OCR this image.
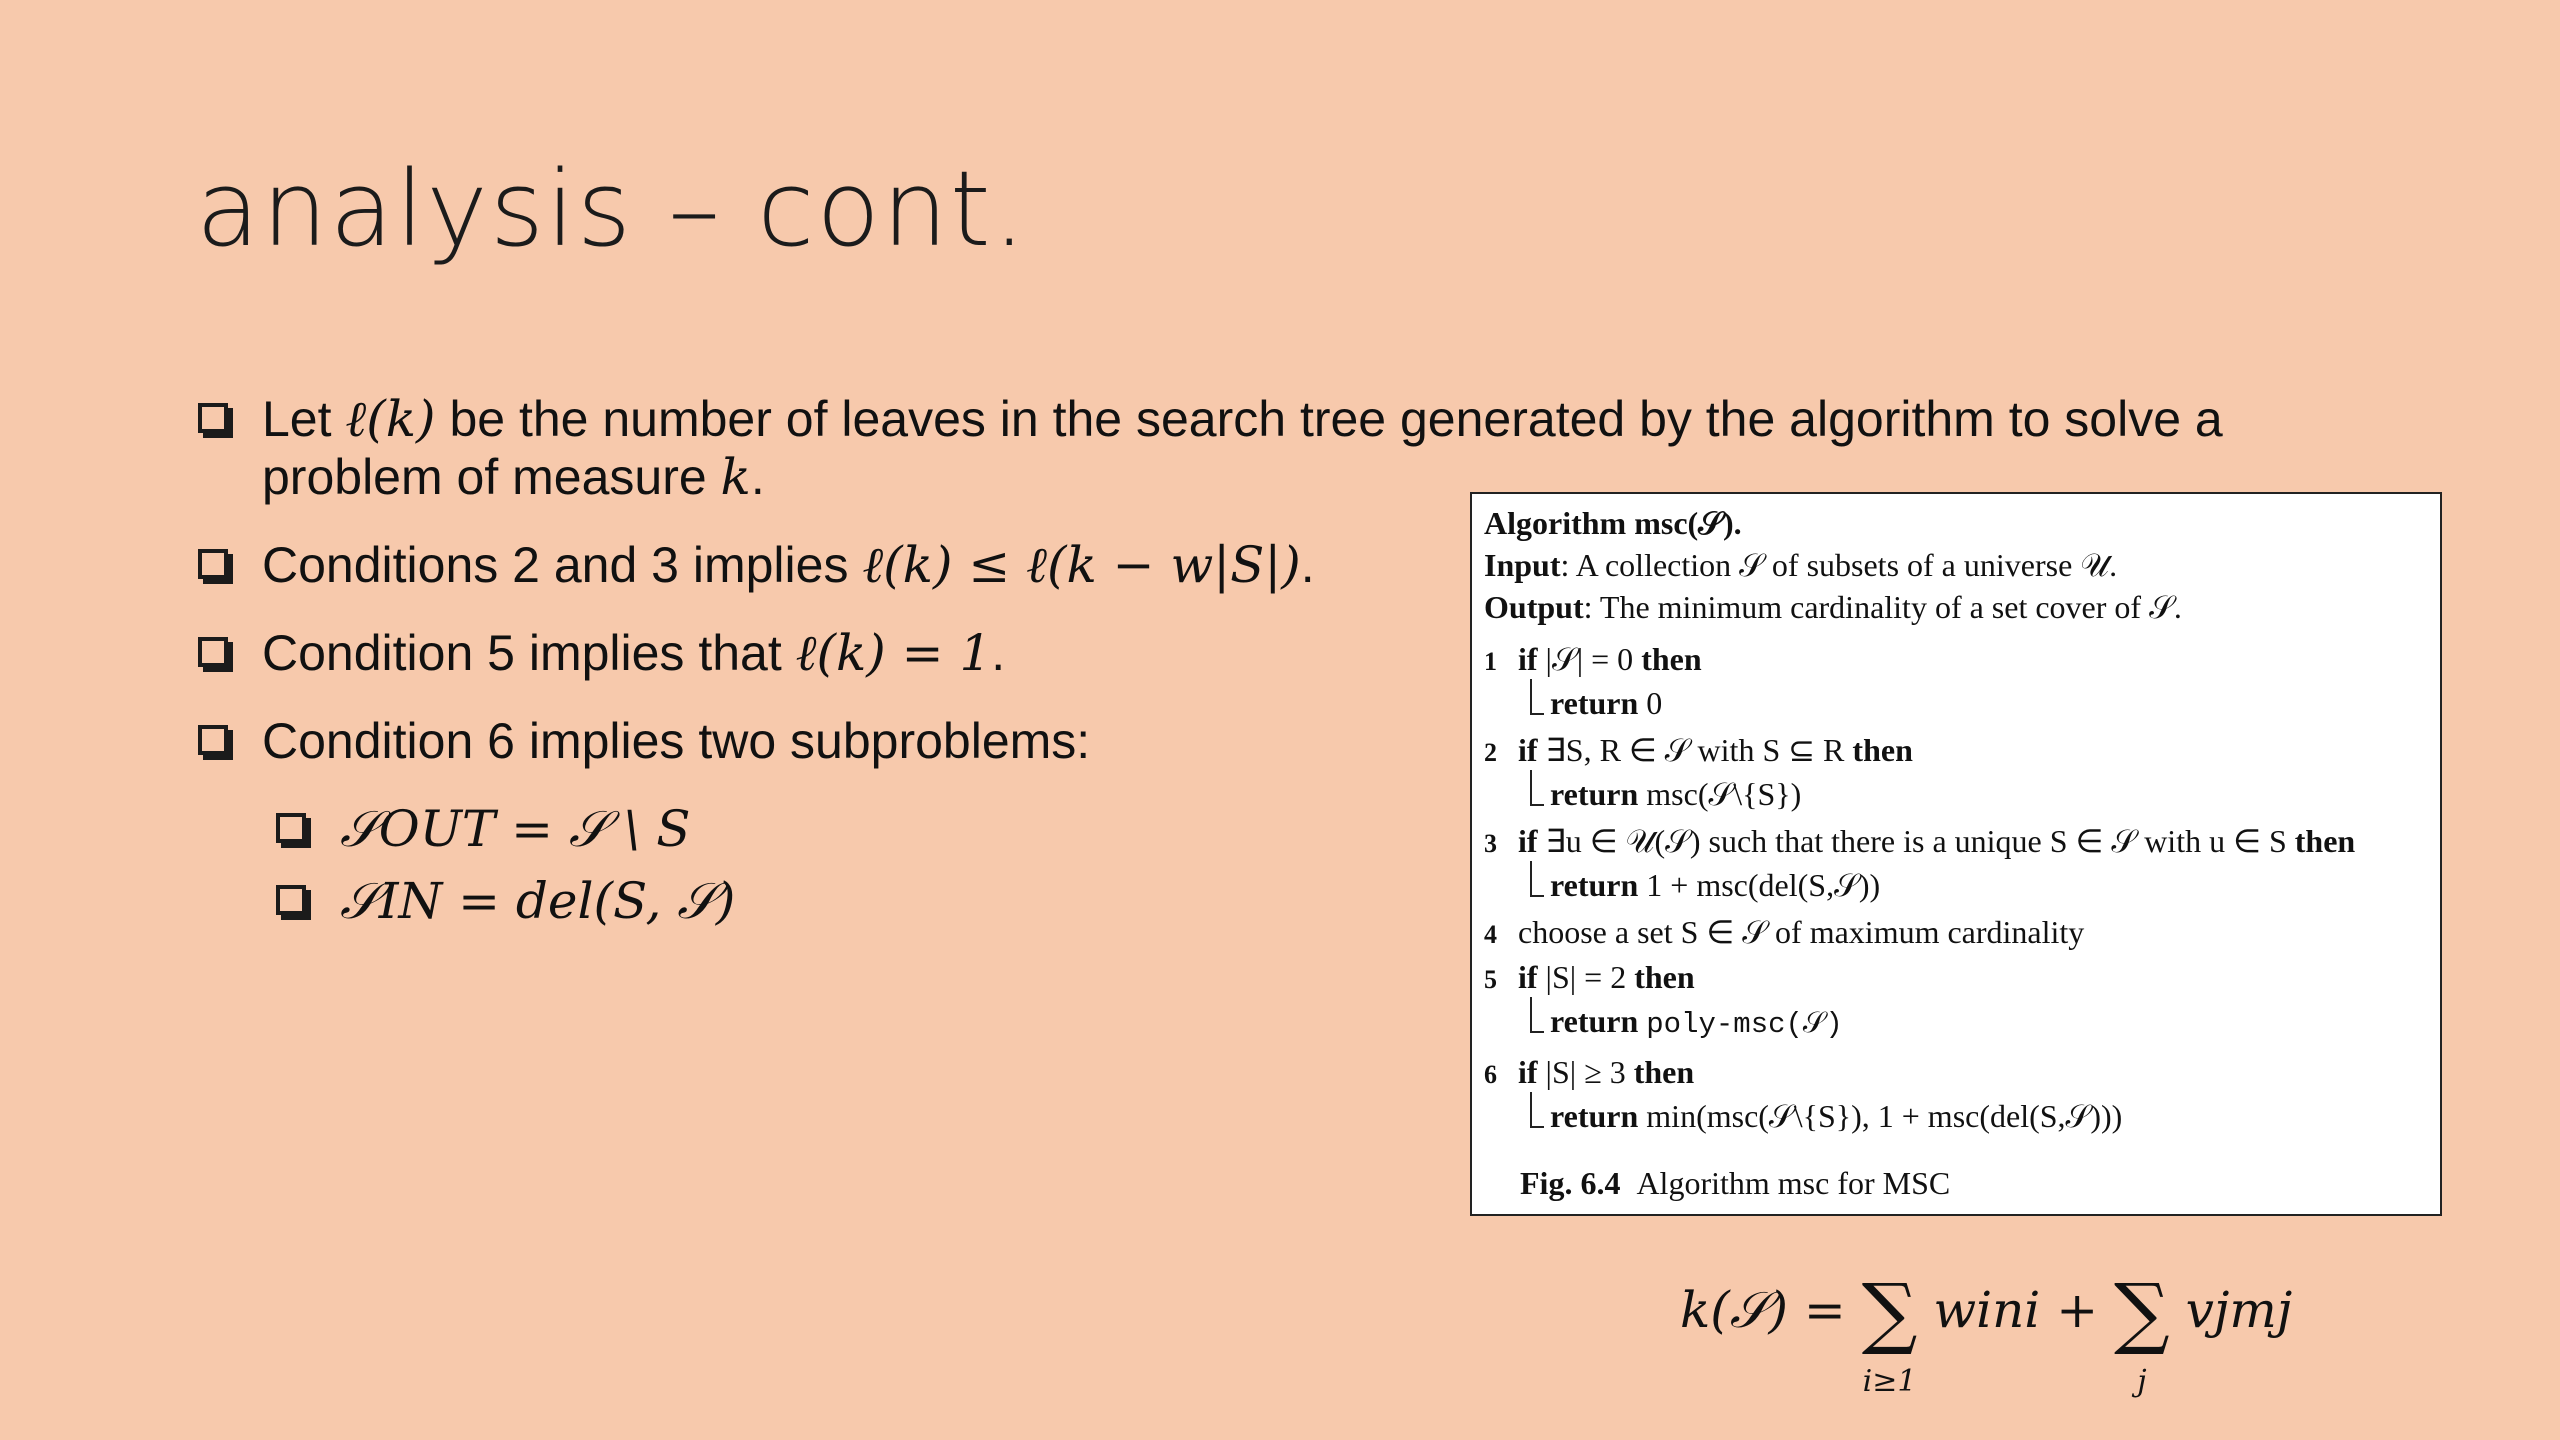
analysis – cont.
Let ℓ(k) be the number of leaves in the search tree generated by the algorithm to solve a problem of measure k.
Conditions 2 and 3 implies ℓ(k) ≤ ℓ(k − w|S|).
Condition 5 implies that ℓ(k) = 1.
Condition 6 implies two subproblems:
𝒮OUT = 𝒮 \ S
𝒮IN = del(S, 𝒮)
Algorithm msc(𝒮).
Input: A collection 𝒮 of subsets of a universe 𝒰.
Output: The minimum cardinality of a set cover of 𝒮.
1 if |𝒮| = 0 then
return 0
2 if ∃S, R ∈ 𝒮 with S ⊆ R then
return msc(𝒮\{S})
3 if ∃u ∈ 𝒰(𝒮) such that there is a unique S ∈ 𝒮 with u ∈ S then
return 1 + msc(del(S,𝒮))
4 choose a set S ∈ 𝒮 of maximum cardinality
5 if |S| = 2 then
return poly-msc(𝒮)
6 if |S| ≥ 3 then
return min(msc(𝒮\{S}), 1 + msc(del(S,𝒮)))
Fig. 6.4 Algorithm msc for MSC
k(𝒮) = ∑
i≥1
wini + ∑
j
vjmj
